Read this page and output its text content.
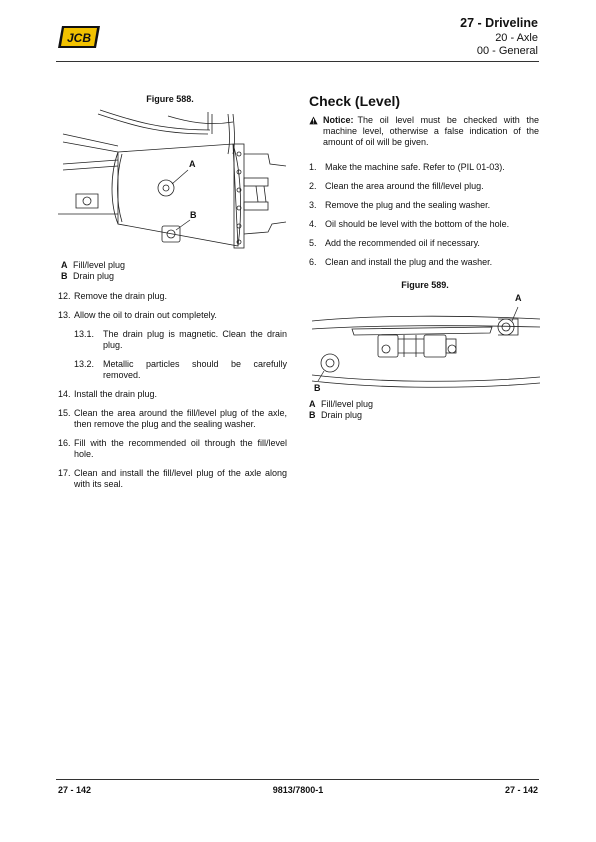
JCB
27 - Driveline
20 - Axle
00 - General
Figure 588.
A
B
A Fill/level plug
B Drain plug
12. Remove the drain plug.
13. Allow the oil to drain out completely.
13.1. The drain plug is magnetic. Clean the drain plug.
13.2. Metallic particles should be carefully removed.
14. Install the drain plug.
15. Clean the area around the fill/level plug of the axle, then remove the plug and the sealing washer.
16. Fill with the recommended oil through the fill/level hole.
17. Clean and install the fill/level plug of the axle along with its seal.
Check (Level)
Notice: The oil level must be checked with the machine level, otherwise a false indication of the amount of oil will be given.
1. Make the machine safe. Refer to (PIL 01-03).
2. Clean the area around the fill/level plug.
3. Remove the plug and the sealing washer.
4. Oil should be level with the bottom of the hole.
5. Add the recommended oil if necessary.
6. Clean and install the plug and the washer.
Figure 589.
A
B
A Fill/level plug
B Drain plug
27 - 142	9813/7800-1	27 - 142
